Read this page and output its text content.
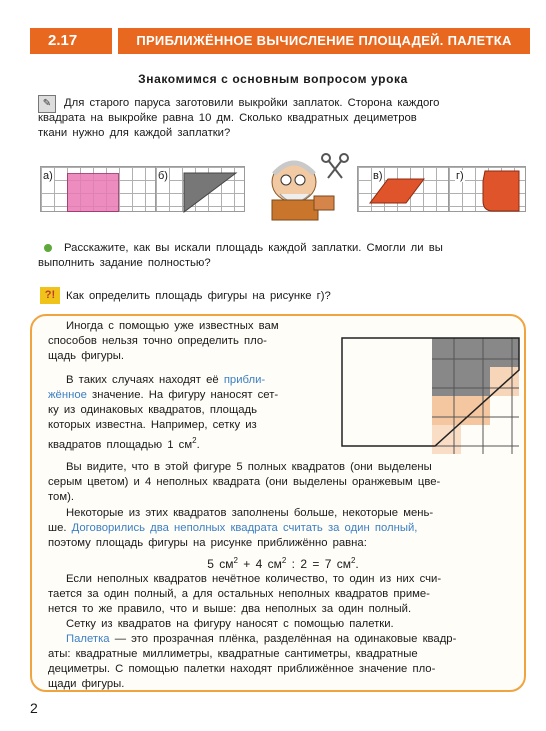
2.17	ПРИБЛИЖЁННОЕ ВЫЧИСЛЕНИЕ ПЛОЩАДЕЙ. ПАЛЕТКА
Знакомимся с основным вопросом урока
✎	Для старого паруса заготовили выкройки заплаток. Сторона каждого
квадрата на выкройке равна 10 дм. Сколько квадратных дециметров
ткани нужно для каждой заплатки?
а)	б)	в)	г)
Расскажите, как вы искали площадь каждой заплатки. Смогли ли вы
выполнить задание полностью?
?! Как определить площадь фигуры на рисунке г)?
Иногда с помощью уже известных вам
способов нельзя точно определить пло-
щадь фигуры.
В таких случаях находят её прибли-
жённое значение. На фигуру наносят сет-
ку из одинаковых квадратов, площадь
которых известна. Например, сетку из
квадратов площадью 1 $см^2$.
Вы видите, что в этой фигуре 5 полных квадратов (они выделены
серым цветом) и 4 неполных квадрата (они выделены оранжевым цве-
том).
Некоторые из этих квадратов заполнены больше, некоторые мень-
ше. Договорились два неполных квадрата считать за один полный,
поэтому площадь фигуры на рисунке приближённо равна:
5 $см^2 + 4$ $см^2$ : 2 = 7 $см^2$.
Если неполных квадратов нечётное количество, то один из них счи-
тается за один полный, а для остальных неполных квадратов приме-
нется то же правило, что и выше: два неполных за один полный.
Сетку из квадратов на фигуру наносят с помощью палетки.
Палетка — это прозрачная плёнка, разделённая на одинаковые квадр-
аты: квадратные миллиметры, квадратные сантиметры, квадратные
дециметры. С помощью палетки находят приближённое значение пло-
щади фигуры.
2
